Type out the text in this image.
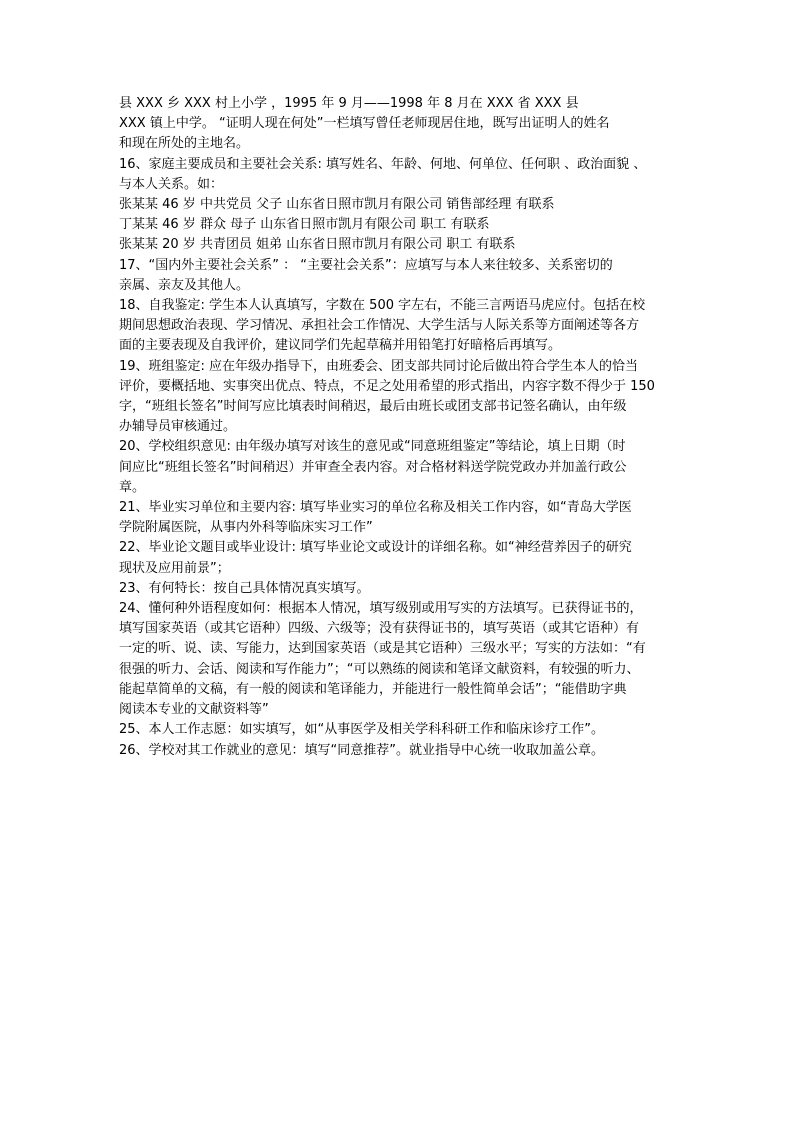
县 XXX 乡 XXX 村上小学 ，1995 年 9 月——1998 年 8 月在 XXX 省 XXX 县
XXX 镇上中学。 “证明人现在何处”一栏填写曾任老师现居住地，既写出证明人的姓名
和现在所处的主地名。
16、家庭主要成员和主要社会关系: 填写姓名、年龄、何地、何单位、任何职 、政治面貌 、
与本人关系。如：
张某某 46 岁 中共党员 父子 山东省日照市凯月有限公司 销售部经理 有联系
丁某某 46 岁 群众 母子 山东省日照市凯月有限公司 职工 有联系
张某某 20 岁 共青团员 姐弟 山东省日照市凯月有限公司 职工 有联系
17、“国内外主要社会关系” ： “主要社会关系”：应填写与本人来往较多、关系密切的
亲属、亲友及其他人。
18、自我鉴定: 学生本人认真填写，字数在 500 字左右，不能三言两语马虎应付。包括在校
期间思想政治表现、学习情况、承担社会工作情况、大学生活与人际关系等方面阐述等各方
面的主要表现及自我评价，建议同学们先起草稿并用铅笔打好暗格后再填写。
19、班组鉴定: 应在年级办指导下，由班委会、团支部共同讨论后做出符合学生本人的恰当
评价，要概括地、实事突出优点、特点，不足之处用希望的形式指出，内容字数不得少于 150
字，“班组长签名”时间写应比填表时间稍迟，最后由班长或团支部书记签名确认，由年级
办辅导员审核通过。
20、学校组织意见: 由年级办填写对该生的意见或“同意班组鉴定”等结论，填上日期（时
间应比“班组长签名”时间稍迟）并审查全表内容。对合格材料送学院党政办并加盖行政公
章。
21、毕业实习单位和主要内容: 填写毕业实习的单位名称及相关工作内容，如“青岛大学医
学院附属医院，从事内外科等临床实习工作”
22、毕业论文题目或毕业设计: 填写毕业论文或设计的详细名称。如“神经营养因子的研究
现状及应用前景”；
23、有何特长：按自己具体情况真实填写。
24、懂何种外语程度如何：根据本人情况，填写级别或用写实的方法填写。已获得证书的，
填写国家英语（或其它语种）四级、六级等；没有获得证书的，填写英语（或其它语种）有
一定的听、说、读、写能力，达到国家英语（或是其它语种）三级水平；写实的方法如：“有
很强的听力、会话、阅读和写作能力”；“可以熟练的阅读和笔译文献资料，有较强的听力、
能起草简单的文稿，有一般的阅读和笔译能力，并能进行一般性简单会话”；“能借助字典
阅读本专业的文献资料等”
25、本人工作志愿：如实填写，如“从事医学及相关学科科研工作和临床诊疗工作”。
26、学校对其工作就业的意见：填写“同意推荐”。就业指导中心统一收取加盖公章。
